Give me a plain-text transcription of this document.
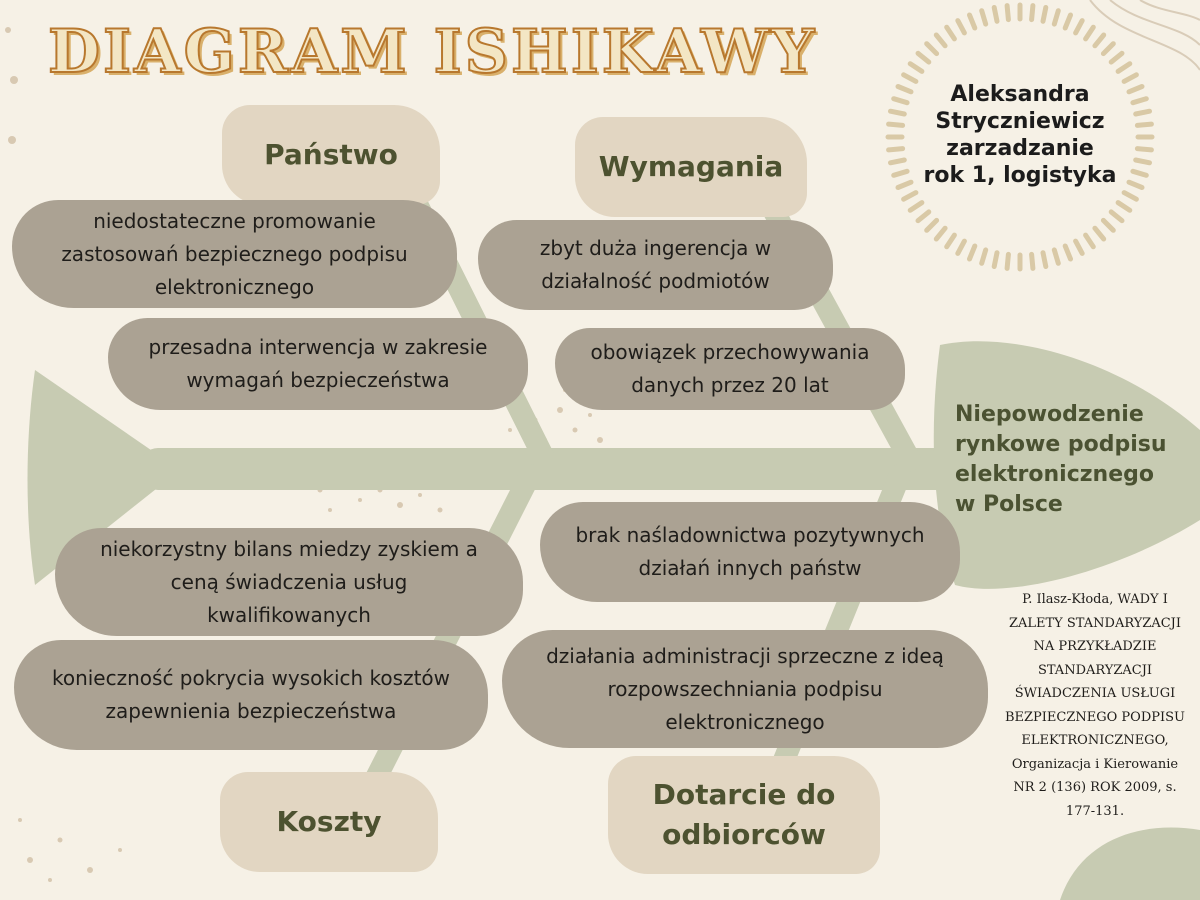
DIAGRAM ISHIKAWY
Aleksandra
Stryczniewicz
zarzadzanie
rok 1, logistyka
Państwo	Wymagania
Koszty
Dotarcie do
odbiorców
niedostateczne promowanie
zastosowań bezpiecznego podpisu
elektronicznego
przesadna interwencja w zakresie
wymagań bezpieczeństwa
zbyt duża ingerencja w
działalność podmiotów
obowiązek przechowywania
danych przez 20 lat
niekorzystny bilans miedzy zyskiem a
ceną świadczenia usług
kwalifikowanych
konieczność pokrycia wysokich kosztów
zapewnienia bezpieczeństwa
brak naśladownictwa pozytywnych
działań innych państw
działania administracji sprzeczne z ideą
rozpowszechniania podpisu
elektronicznego
Niepowodzenie
rynkowe podpisu
elektronicznego
w Polsce
P. Ilasz-Kłoda, WADY I ZALETY STANDARYZACJI NA PRZYKŁADZIE STANDARYZACJI ŚWIADCZENIA USŁUGI BEZPIECZNEGO PODPISU ELEKTRONICZNEGO, Organizacja i Kierowanie NR 2 (136) ROK 2009, s. 177-131.
